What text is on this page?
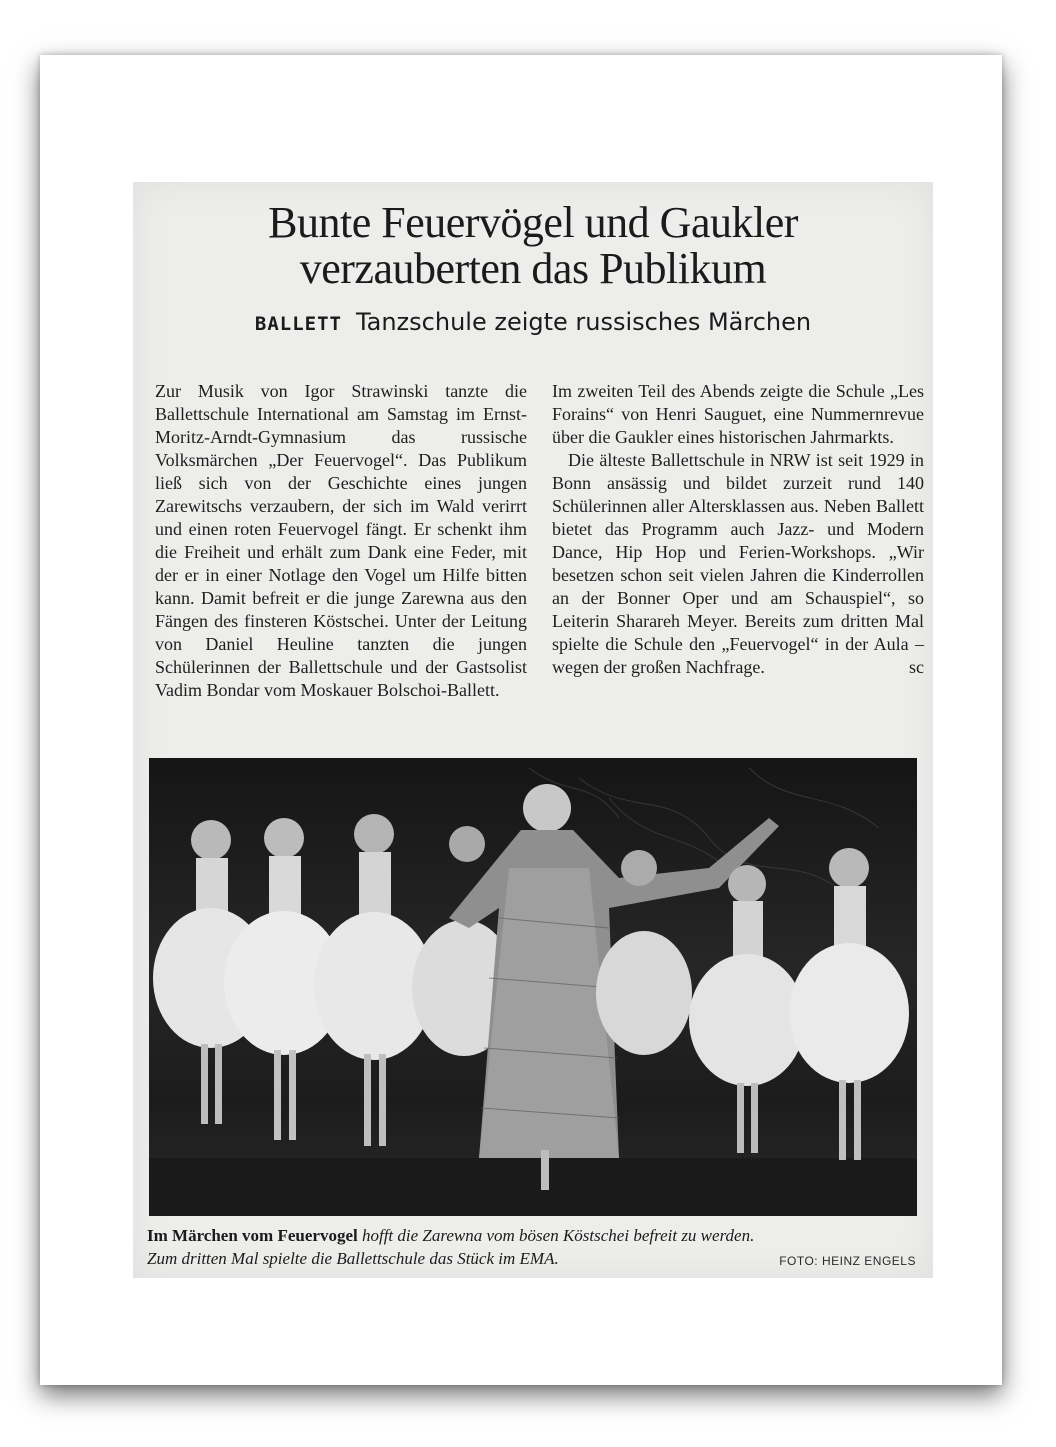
Bunte Feuervögel und Gaukler
verzauberten das Publikum
BALLETT Tanzschule zeigte russisches Märchen

Zur Musik von Igor Strawinski tanzte die Ballettschule International am Samstag im Ernst-Moritz-Arndt-Gymnasium das russische Volksmärchen „Der Feuervogel“. Das Publikum ließ sich von der Geschichte eines jungen Zarewitschs verzaubern, der sich im Wald verirrt und einen roten Feuervogel fängt. Er schenkt ihm die Freiheit und erhält zum Dank eine Feder, mit der er in einer Notlage den Vogel um Hilfe bitten kann. Damit befreit er die junge Zarewna aus den Fängen des finsteren Köstschei. Unter der Leitung von Daniel Heuline tanzten die jungen Schülerinnen der Ballettschule und der Gastsolist Vadim Bondar vom Moskauer Bolschoi-Ballett.

Im zweiten Teil des Abends zeigte die Schule „Les Forains“ von Henri Sauguet, eine Nummernrevue über die Gaukler eines historischen Jahrmarkts.

Die älteste Ballettschule in NRW ist seit 1929 in Bonn ansässig und bildet zurzeit rund 140 Schülerinnen aller Altersklassen aus. Neben Ballett bietet das Programm auch Jazz- und Modern Dance, Hip Hop und Ferien-Workshops. „Wir besetzen schon seit vielen Jahren die Kinderrollen an der Bonner Oper und am Schauspiel“, so Leiterin Sharareh Meyer. Bereits zum dritten Mal spielte die Schule den „Feuervogel“ in der Aula – wegen der großen Nachfrage.	sc

Im Märchen vom Feuervogel hofft die Zarewna vom bösen Köstschei befreit zu werden.
Zum dritten Mal spielte die Ballettschule das Stück im EMA.	FOTO: HEINZ ENGELS
